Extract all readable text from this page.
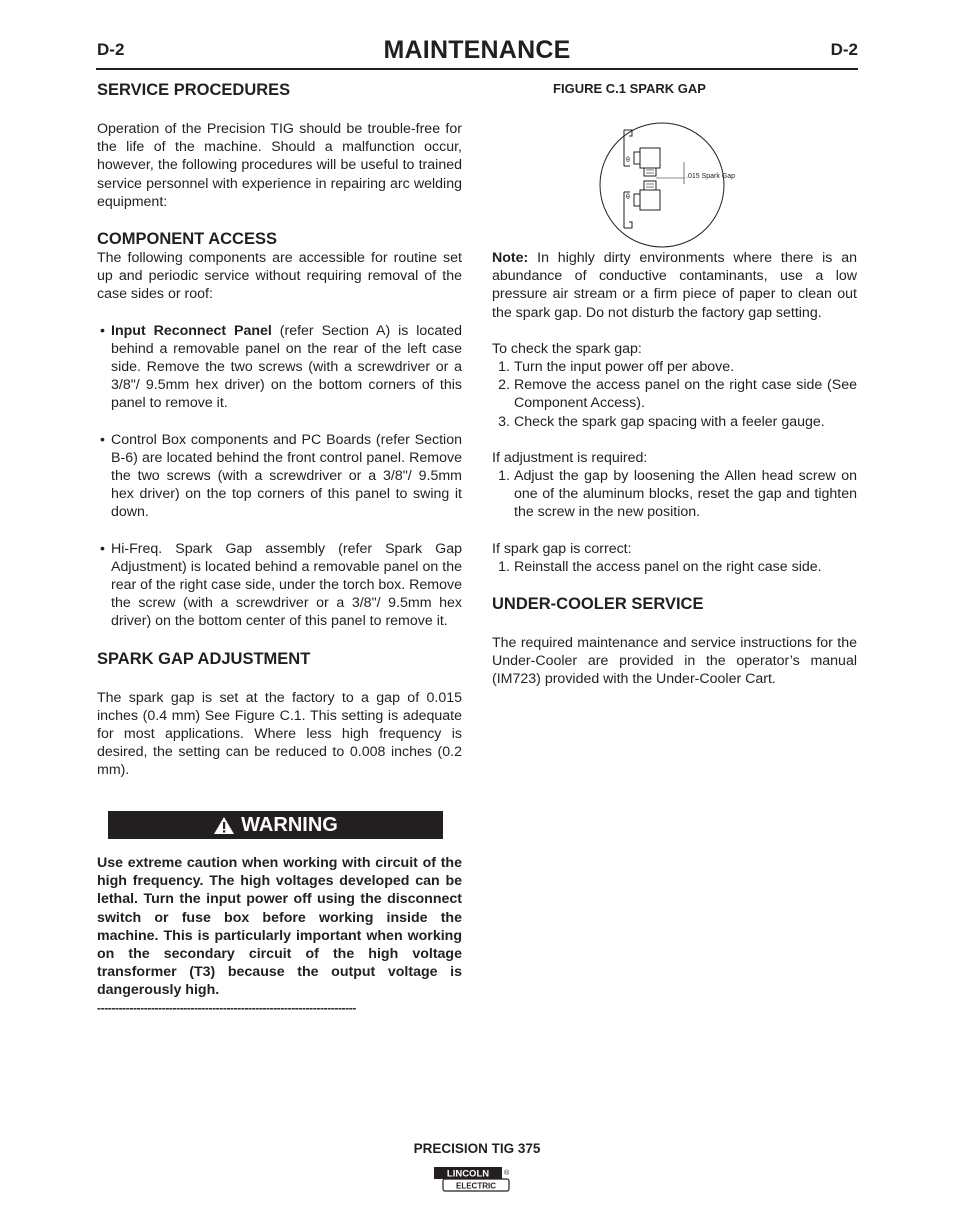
D-2	MAINTENANCE	D-2
SERVICE PROCEDURES
Operation of the Precision TIG should be trouble-free for the life of the machine. Should a malfunction occur, however, the following procedures will be useful to trained service personnel with experience in repairing arc welding equipment:
COMPONENT ACCESS
The following components are accessible for routine set up and periodic service without requiring removal of the case sides or roof:
• Input Reconnect Panel (refer Section A) is located behind a removable panel on the rear of the left case side. Remove the two screws (with a screwdriver or a 3/8"/ 9.5mm hex driver) on the bottom corners of this panel to remove it.
• Control Box components and PC Boards (refer Section B-6) are located behind the front control panel. Remove the two screws (with a screwdriver or a 3/8"/ 9.5mm hex driver) on the top corners of this panel to swing it down.
• Hi-Freq. Spark Gap assembly (refer Spark Gap Adjustment) is located behind a removable panel on the rear of the right case side, under the torch box. Remove the screw (with a screwdriver or a 3/8"/ 9.5mm hex driver) on the bottom center of this panel to remove it.
SPARK GAP ADJUSTMENT
The spark gap is set at the factory to a gap of 0.015 inches (0.4 mm) See Figure C.1. This setting is adequate for most applications. Where less high frequency is desired, the setting can be reduced to 0.008 inches (0.2 mm).
WARNING
Use extreme caution when working with circuit of the high frequency. The high voltages developed can be lethal. Turn the input power off using the disconnect switch or fuse box before working inside the machine. This is particularly important when working on the secondary circuit of the high voltage transformer (T3) because the output voltage is dangerously high.
------------------------------------------------------------------------
FIGURE C.1 SPARK GAP
θ
θ
.015 Spark Gap
Note: In highly dirty environments where there is an abundance of conductive contaminants, use a low pressure air stream or a firm piece of paper to clean out the spark gap. Do not disturb the factory gap setting.
To check the spark gap:
1. Turn the input power off per above.
2. Remove the access panel on the right case side (See Component Access).
3. Check the spark gap spacing with a feeler gauge.
If adjustment is required:
1. Adjust the gap by loosening the Allen head screw on one of the aluminum blocks, reset the gap and tighten the screw in the new position.
If spark gap is correct:
1. Reinstall the access panel on the right case side.
UNDER-COOLER SERVICE
The required maintenance and service instructions for the Under-Cooler are provided in the operator’s manual (IM723) provided with the Under-Cooler Cart.
PRECISION TIG 375
LINCOLN
ELECTRIC
®
